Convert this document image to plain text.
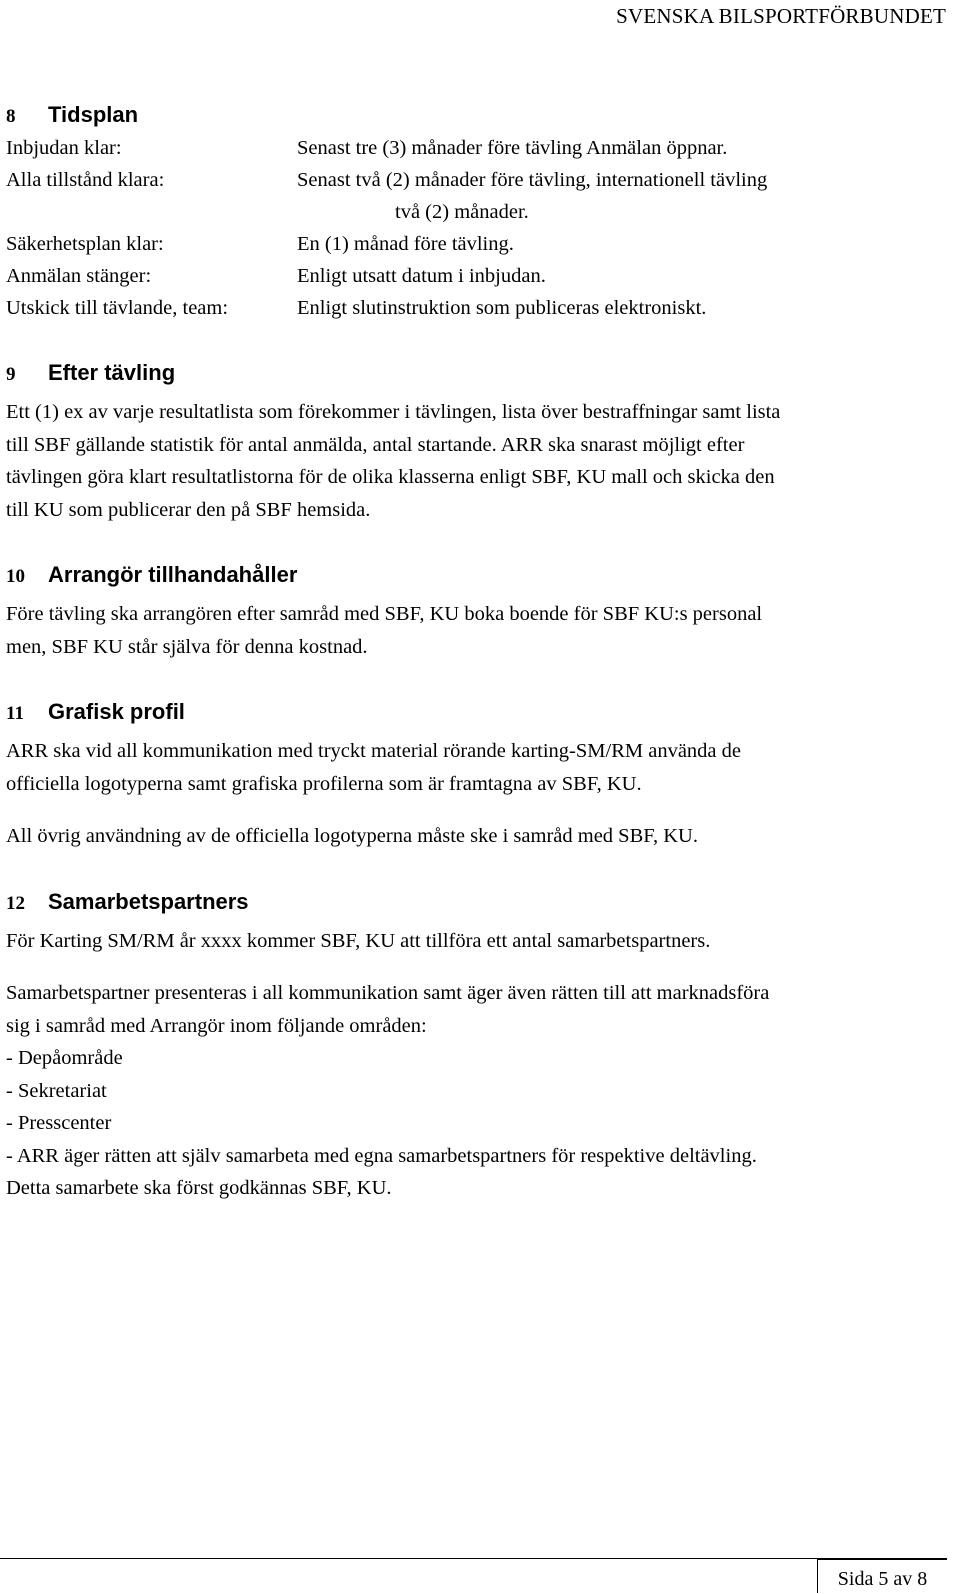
SVENSKA BILSPORTFÖRBUNDET
8 Tidsplan
Inbjudan klar:	Senast tre (3) månader före tävling Anmälan öppnar.
Alla tillstånd klara:	Senast två (2) månader före tävling, internationell tävling
två (2) månader.
Säkerhetsplan klar:	En (1) månad före tävling.
Anmälan stänger:	Enligt utsatt datum i inbjudan.
Utskick till tävlande, team:	Enligt slutinstruktion som publiceras elektroniskt.
9 Efter tävling

Ett (1) ex av varje resultatlista som förekommer i tävlingen, lista över bestraffningar samt lista
till SBF gällande statistik för antal anmälda, antal startande. ARR ska snarast möjligt efter
tävlingen göra klart resultatlistorna för de olika klasserna enligt SBF, KU mall och skicka den
till KU som publicerar den på SBF hemsida.

10 Arrangör tillhandahåller

Före tävling ska arrangören efter samråd med SBF, KU boka boende för SBF KU:s personal
men, SBF KU står själva för denna kostnad.

11 Grafisk profil

ARR ska vid all kommunikation med tryckt material rörande karting-SM/RM använda de
officiella logotyperna samt grafiska profilerna som är framtagna av SBF, KU.

All övrig användning av de officiella logotyperna måste ske i samråd med SBF, KU.

12 Samarbetspartners

För Karting SM/RM år xxxx kommer SBF, KU att tillföra ett antal samarbetspartners.

Samarbetspartner presenteras i all kommunikation samt äger även rätten till att marknadsföra
sig i samråd med Arrangör inom följande områden:

- Depåområde
- Sekretariat
- Presscenter
- ARR äger rätten att själv samarbeta med egna samarbetspartners för respektive deltävling.

Detta samarbete ska först godkännas SBF, KU.

Sida 5 av 8
